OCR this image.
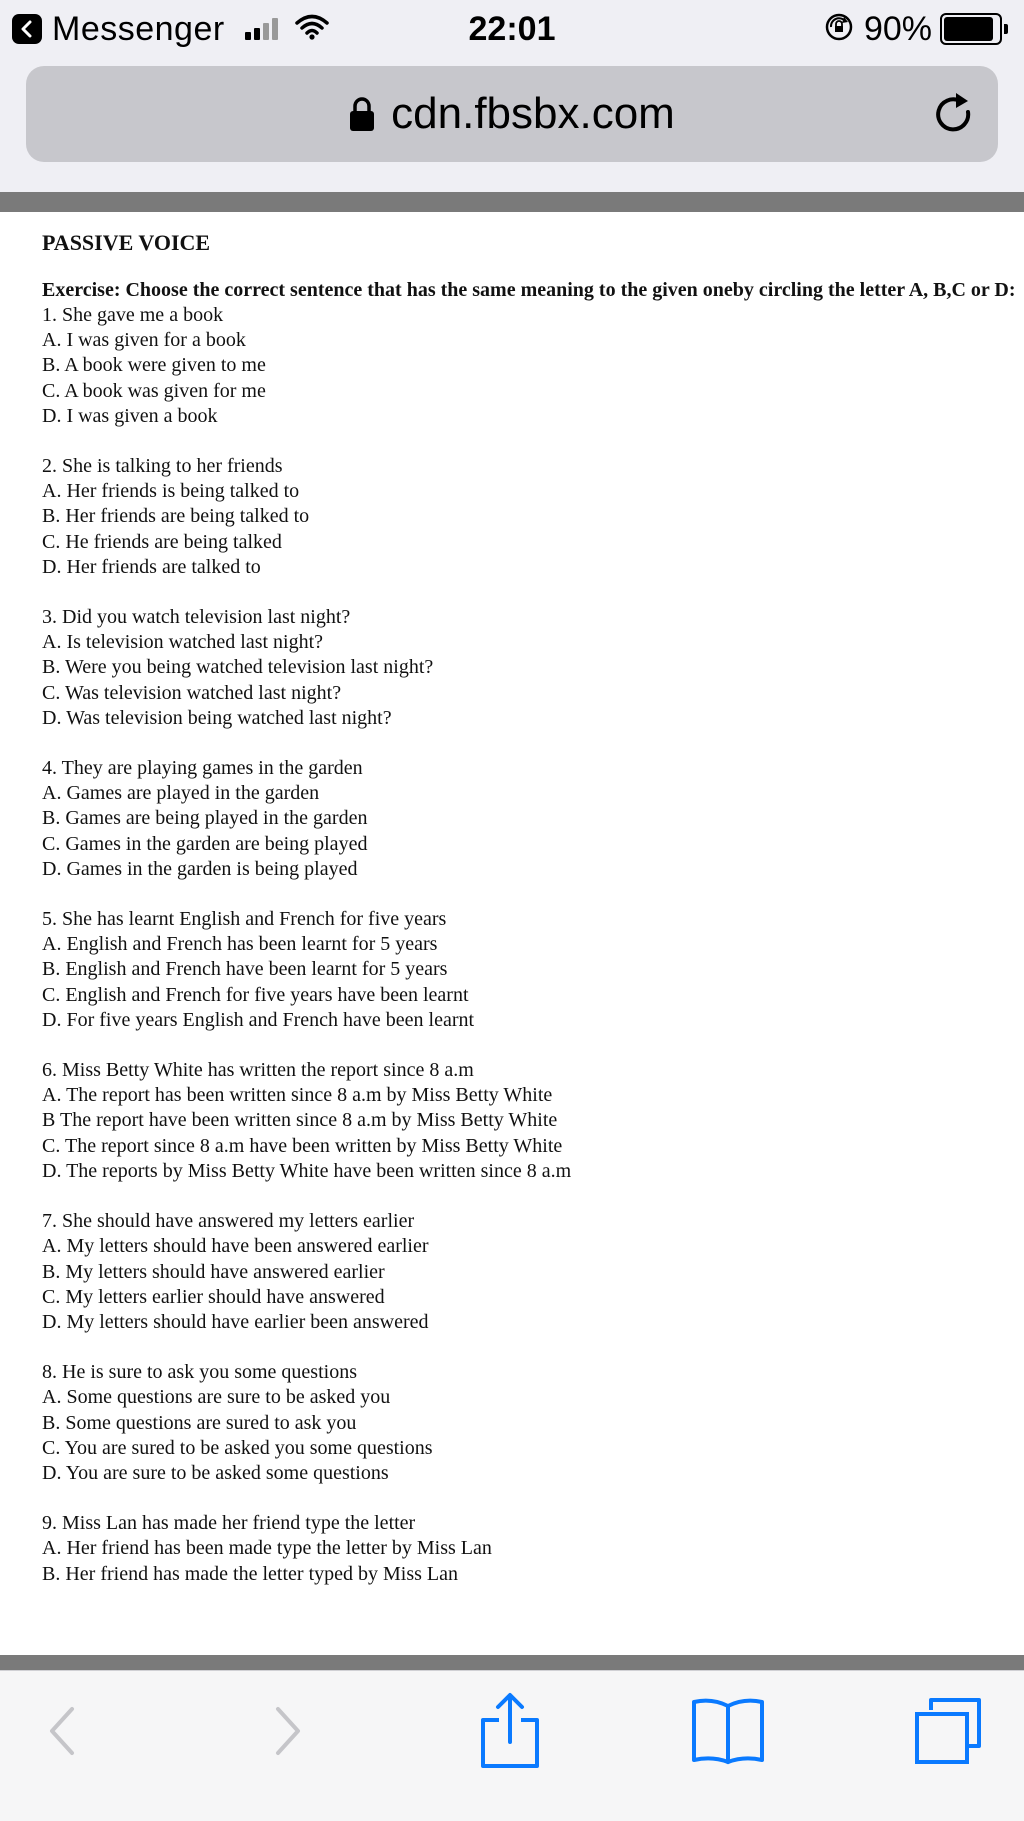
Messenger	22:01	90%
cdn.fbsbx.com
PASSIVE VOICE

Exercise: Choose the correct sentence that has the same meaning to the given oneby circling the letter A, B,C or D:

1. She gave me a book
A. I was given for a book
B. A book were given to me
C. A book was given for me
D. I was given a book
2. She is talking to her friends
A. Her friends is being talked to
B. Her friends are being talked to
C. He friends are being talked
D. Her friends are talked to
3. Did you watch television last night?
A. Is television watched last night?
B. Were you being watched television last night?
C. Was television watched last night?
D. Was television being watched last night?
4. They are playing games in the garden
A. Games are played in the garden
B. Games are being played in the garden
C. Games in the garden are being played
D. Games in the garden is being played
5. She has learnt English and French for five years
A. English and French has been learnt for 5 years
B. English and French have been learnt for 5 years
C. English and French for five years have been learnt
D. For five years English and French have been learnt
6. Miss Betty White has written the report since 8 a.m
A. The report has been written since 8 a.m by Miss Betty White
B The report have been written since 8 a.m by Miss Betty White
C. The report since 8 a.m have been written by Miss Betty White
D. The reports by Miss Betty White have been written since 8 a.m
7. She should have answered my letters earlier
A. My letters should have been answered earlier
B. My letters should have answered earlier
C. My letters earlier should have answered
D. My letters should have earlier been answered
8. He is sure to ask you some questions
A. Some questions are sure to be asked you
B. Some questions are sured to ask you
C. You are sured to be asked you some questions
D. You are sure to be asked some questions
9. Miss Lan has made her friend type the letter
A. Her friend has been made type the letter by Miss Lan
B. Her friend has made the letter typed by Miss Lan
